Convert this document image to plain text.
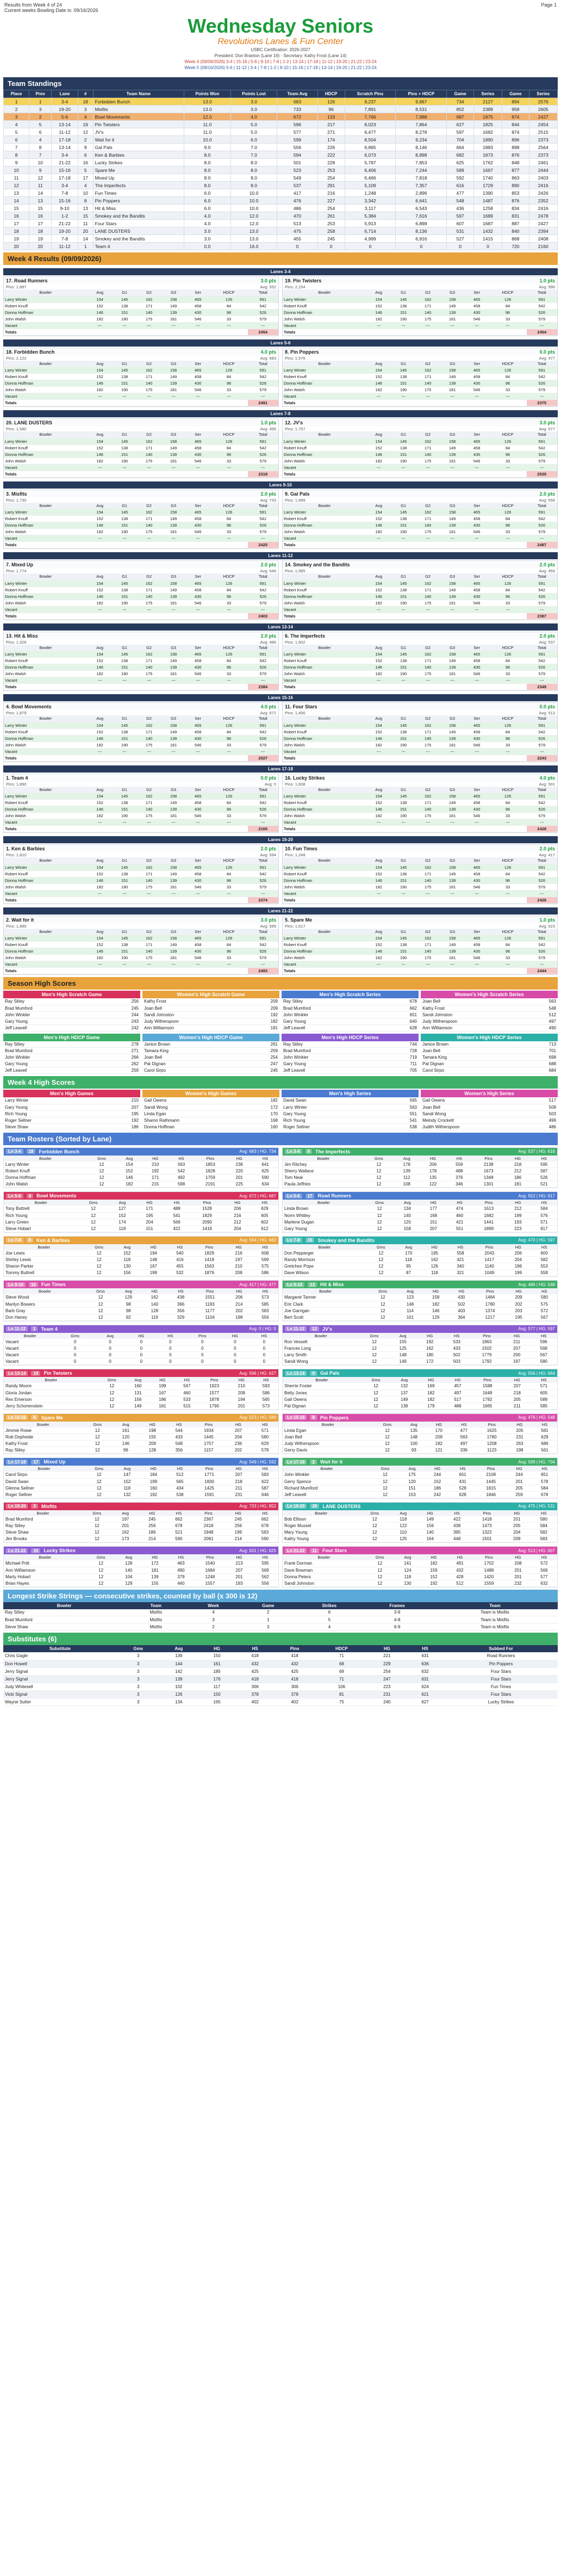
Results from Week 4 of 24
Current weeks Bowling Date is: 09/16/2026
Page 1
Wednesday Seniors
Revolutions Lanes & Fun Center
USBC Certification: 2026-2027
President: Don Branton (Lane 16) - Secretary: Kathy Frost (Lane 14)
Week 4 (09/09/2026) 3-4 | 15-16 | 5-6 | 9-10 | 7-8 | 1-2 | 13-14 | 17-18 | 11-12 | 19-20 | 21-22 | 23-24
Week 5 (09/16/2026) 5-6 | 11-12 | 3-4 | 7-8 | 1-2 | 9-10 | 15-16 | 17-18 | 13-14 | 19-20 | 21-22 | 23-24
Team Standings
Place	Prev	Lane	#	Team Name	Points Won	Points Lost	Team Avg	HDCP	Scratch Pins	Pins + HDCP	Game	Series	Game	Series
1	1	3-4	18	Forbidden Bunch	13.0	3.0	683	126	9,237	9,867	734	2127	894	2576
2	3	19-20	3	Misfits	13.0	3.0	733	96	7,891	8,531	852	2389	958	2605
3	2	5-6	4	Bowl Movements	12.0	4.0	672	133	7,766	7,988	687	1875	874	2427
4	5	13-14	19	Pin Twisters	11.0	5.0	596	217	8,023	7,864	627	1825	844	2454
5	6	11-12	12	JV's	11.0	5.0	577	271	6,477	8,278	597	1682	874	2515
6	4	17-18	2	Wait for it	10.0	6.0	599	174	8,504	9,234	704	1890	896	2373
7	8	13-14	9	Gal Pals	9.0	7.0	556	226	6,865	8,146	664	1883	898	2564
8	7	3-4	6	Ken & Barbies	8.0	7.0	594	222	6,073	8,898	682	1873	876	2373
9	10	21-22	16	Lucky Strikes	8.0	8.0	501	228	5,787	7,853	625	1762	848	2461
10	9	15-16	5	Spare Me	8.0	8.0	523	253	6,406	7,244	589	1667	877	2444
11	12	17-18	17	Mixed Up	8.0	8.0	549	254	6,466	7,818	592	1740	863	2403
12	11	3-4	4	The Imperfects	8.0	8.0	537	291	5,109	7,357	616	1729	890	2416
13	14	7-8	10	Fun Times	6.0	10.0	417	216	1,248	2,896	477	1390	853	2426
14	13	15-16	8	Pin Poppers	6.0	10.0	476	227	3,342	6,641	548	1487	876	2352
15	15	9-10	13	Hit & Miss	6.0	10.0	486	254	3,117	6,543	436	1258	834	2416
16	16	1-2	15	Smokey and the Bandits	4.0	12.0	470	261	5,384	7,616	597	1689	831	2478
17	17	21-22	11	Four Stars	4.0	12.0	513	253	5,913	6,898	607	1687	887	2427
18	18	19-20	20	LANE DUSTERS	3.0	13.0	475	258	6,714	8,136	531	1432	840	2394
19	19	7-8	14	Smokey and the Bandits	3.0	13.0	455	245	4,999	6,916	527	1415	868	2408
20	20	11-12	1	Team 4	0.0	16.0	0	0	0	0	0	0	720	2160
Week 4 Results (09/09/2026)
Lanes 3-4
17. Road Runners	3.0 pts
Pins: 1,887	Avg: 552
Bowler	Avg	G1	G2	G3	Ser	HDCP	Total
Larry Winter	154	145	162	158	465	126	591
Robert Knuff	152	138	171	149	458	84	542
Donna Hoffman	146	151	140	139	430	96	526
John Walsh	182	190	175	181	546	33	579
Vacant	---	---	---	---	---	---	---
Totals							2454
19. Pin Twisters	1.0 pts
Pins: 2,154	Avg: 596
Bowler	Avg	G1	G2	G3	Ser	HDCP	Total
Larry Winter	154	145	162	158	465	126	591
Robert Knuff	152	138	171	149	458	84	542
Donna Hoffman	146	151	140	139	430	96	526
John Walsh	182	190	175	181	546	33	579
Vacant	---	---	---	---	---	---	---
Totals							2454
Lanes 5-6
18. Forbidden Bunch	4.0 pts
Pins: 2,122	Avg: 683
Bowler	Avg	G1	G2	G3	Ser	HDCP	Total
Larry Winter	154	145	162	158	465	126	591
Robert Knuff	152	138	171	149	458	84	542
Donna Hoffman	146	151	140	139	430	96	526
John Walsh	182	190	175	181	546	33	579
Vacant	---	---	---	---	---	---	---
Totals							2491
8. Pin Poppers	0.0 pts
Pins: 1,576	Avg: 477
Bowler	Avg	G1	G2	G3	Ser	HDCP	Total
Larry Winter	154	145	162	158	465	126	591
Robert Knuff	152	138	171	149	458	84	542
Donna Hoffman	146	151	140	139	430	96	526
John Walsh	182	190	175	181	546	33	579
Vacant	---	---	---	---	---	---	---
Totals							2375
Lanes 7-8
20. LANE DUSTERS	1.0 pts
Pins: 1,580	Avg: 456
Bowler	Avg	G1	G2	G3	Ser	HDCP	Total
Larry Winter	154	145	162	158	465	126	591
Robert Knuff	152	138	171	149	458	84	542
Donna Hoffman	146	151	140	139	430	96	526
John Walsh	182	190	175	181	546	33	579
Vacant	---	---	---	---	---	---	---
Totals							2318
12. JV's	3.0 pts
Pins: 1,757	Avg: 577
Bowler	Avg	G1	G2	G3	Ser	HDCP	Total
Larry Winter	154	145	162	158	465	126	591
Robert Knuff	152	138	171	149	458	84	542
Donna Hoffman	146	151	140	139	430	96	526
John Walsh	182	190	175	181	546	33	579
Vacant	---	---	---	---	---	---	---
Totals							2535
Lanes 9-10
3. Misfits	2.0 pts
Pins: 1,730	Avg: 733
Bowler	Avg	G1	G2	G3	Ser	HDCP	Total
Larry Winter	154	145	162	158	465	126	591
Robert Knuff	152	138	171	149	458	84	542
Donna Hoffman	146	151	140	139	430	96	526
John Walsh	182	190	175	181	546	33	579
Vacant	---	---	---	---	---	---	---
Totals							2425
9. Gal Pals	2.0 pts
Pins: 1,689	Avg: 556
Bowler	Avg	G1	G2	G3	Ser	HDCP	Total
Larry Winter	154	145	162	158	465	126	591
Robert Knuff	152	138	171	149	458	84	542
Donna Hoffman	146	151	140	139	430	96	526
John Walsh	182	190	175	181	546	33	579
Vacant	---	---	---	---	---	---	---
Totals							2487
Lanes 11-12
7. Mixed Up	2.0 pts
Pins: 1,774	Avg: 549
Bowler	Avg	G1	G2	G3	Ser	HDCP	Total
Larry Winter	154	145	162	158	465	126	591
Robert Knuff	152	138	171	149	458	84	542
Donna Hoffman	146	151	140	139	430	96	526
John Walsh	182	190	175	181	546	33	579
Vacant	---	---	---	---	---	---	---
Totals							2403
14. Smokey and the Bandits	2.0 pts
Pins: 1,585	Avg: 455
Bowler	Avg	G1	G2	G3	Ser	HDCP	Total
Larry Winter	154	145	162	158	465	126	591
Robert Knuff	152	138	171	149	458	84	542
Donna Hoffman	146	151	140	139	430	96	526
John Walsh	182	190	175	181	546	33	579
Vacant	---	---	---	---	---	---	---
Totals							2387
Lanes 13-14
13. Hit & Miss	2.0 pts
Pins: 1,326	Avg: 486
Bowler	Avg	G1	G2	G3	Ser	HDCP	Total
Larry Winter	154	145	162	158	465	126	591
Robert Knuff	152	138	171	149	458	84	542
Donna Hoffman	146	151	140	139	430	96	526
John Walsh	182	190	175	181	546	33	579
Vacant	---	---	---	---	---	---	---
Totals							2384
6. The Imperfects	2.0 pts
Pins: 1,602	Avg: 537
Bowler	Avg	G1	G2	G3	Ser	HDCP	Total
Larry Winter	154	145	162	158	465	126	591
Robert Knuff	152	138	171	149	458	84	542
Donna Hoffman	146	151	140	139	430	96	526
John Walsh	182	190	175	181	546	33	579
Vacant	---	---	---	---	---	---	---
Totals							2349
Lanes 15-16
4. Bowl Movements	4.0 pts
Pins: 1,879	Avg: 672
Bowler	Avg	G1	G2	G3	Ser	HDCP	Total
Larry Winter	154	145	162	158	465	126	591
Robert Knuff	152	138	171	149	458	84	542
Donna Hoffman	146	151	140	139	430	96	526
John Walsh	182	190	175	181	546	33	579
Vacant	---	---	---	---	---	---	---
Totals							2527
11. Four Stars	0.0 pts
Pins: 1,456	Avg: 513
Bowler	Avg	G1	G2	G3	Ser	HDCP	Total
Larry Winter	154	145	162	158	465	126	591
Robert Knuff	152	138	171	149	458	84	542
Donna Hoffman	146	151	140	139	430	96	526
John Walsh	182	190	175	181	546	33	579
Vacant	---	---	---	---	---	---	---
Totals							2243
Lanes 17-18
1. Team 4	0.0 pts
Pins: 1,890	Avg: 0
Bowler	Avg	G1	G2	G3	Ser	HDCP	Total
Larry Winter	154	145	162	158	465	126	591
Robert Knuff	152	138	171	149	458	84	542
Donna Hoffman	146	151	140	139	430	96	526
John Walsh	182	190	175	181	546	33	579
Vacant	---	---	---	---	---	---	---
Totals							2160
16. Lucky Strikes	4.0 pts
Pins: 1,608	Avg: 501
Bowler	Avg	G1	G2	G3	Ser	HDCP	Total
Larry Winter	154	145	162	158	465	126	591
Robert Knuff	152	138	171	149	458	84	542
Donna Hoffman	146	151	140	139	430	96	526
John Walsh	182	190	175	181	546	33	579
Vacant	---	---	---	---	---	---	---
Totals							2428
Lanes 19-20
1. Ken & Barbies	2.0 pts
Pins: 1,810	Avg: 594
Bowler	Avg	G1	G2	G3	Ser	HDCP	Total
Larry Winter	154	145	162	158	465	126	591
Robert Knuff	152	138	171	149	458	84	542
Donna Hoffman	146	151	140	139	430	96	526
John Walsh	182	190	175	181	546	33	579
Vacant	---	---	---	---	---	---	---
Totals							2374
10. Fun Times	2.0 pts
Pins: 1,248	Avg: 417
Bowler	Avg	G1	G2	G3	Ser	HDCP	Total
Larry Winter	154	145	162	158	465	126	591
Robert Knuff	152	138	171	149	458	84	542
Donna Hoffman	146	151	140	139	430	96	526
John Walsh	182	190	175	181	546	33	579
Vacant	---	---	---	---	---	---	---
Totals							2426
Lanes 21-22
2. Wait for it	3.0 pts
Pins: 1,890	Avg: 599
Bowler	Avg	G1	G2	G3	Ser	HDCP	Total
Larry Winter	154	145	162	158	465	126	591
Robert Knuff	152	138	171	149	458	84	542
Donna Hoffman	146	151	140	139	430	96	526
John Walsh	182	190	175	181	546	33	579
Vacant	---	---	---	---	---	---	---
Totals							2493
5. Spare Me	1.0 pts
Pins: 1,617	Avg: 523
Bowler	Avg	G1	G2	G3	Ser	HDCP	Total
Larry Winter	154	145	162	158	465	126	591
Robert Knuff	152	138	171	149	458	84	542
Donna Hoffman	146	151	140	139	430	96	526
John Walsh	182	190	175	181	546	33	579
Vacant	---	---	---	---	---	---	---
Totals							2444
Season High Scores
Men's High Scratch Game
Ray Stiley	256
Brad Mumford	245
John Winkler	244
Gary Young	243
Jeff Leavell	242
Women's High Scratch Game
Kathy Frost	209
Joan Bell	209
Sandi Johnston	192
Judy Witherspoon	182
Ann Williamson	181
Men's High Scratch Series
Ray Stiley	678
Brad Mumford	662
John Winkler	651
Gary Young	640
Jeff Leavell	628
Women's High Scratch Series
Joan Bell	563
Kathy Frost	548
Sandi Johnston	512
Judy Witherspoon	497
Ann Williamson	490
Men's High HDCP Game
Ray Stiley	278
Brad Mumford	271
John Winkler	266
Gary Young	262
Jeff Leavell	259
Women's High HDCP Game
Janice Brown	261
Tamara King	259
Joan Bell	254
Pat Dignan	247
Carol Sirpo	245
Men's High HDCP Series
Ray Stiley	744
Brad Mumford	728
John Winkler	719
Gary Young	711
Jeff Leavell	705
Women's High HDCP Series
Janice Brown	713
Joan Bell	701
Tamara King	698
Pat Dignan	688
Carol Sirpo	684
Week 4 High Scores
Men's High Games
Larry Winter	210
Gary Young	207
Rich Young	195
Roger Sellner	192
Steve Shaw	186
Women's High Games
Gail Owens	182
Sandi Wong	172
Linda Egan	170
Sharon Rathmann	168
Donna Hoffman	160
Men's High Series
David Swan	565
Larry Winter	563
Gary Young	551
Rich Young	541
Roger Sellner	538
Women's High Series
Gail Owens	517
Joan Bell	509
Sandi Wong	503
Melody Crockett	499
Judith Witherspoon	486
Team Rosters (Sorted by Lane)
Ln 3-4	18	Forbidden Bunch	Avg: 683 | HG: 734
Bowler	Gms	Avg	HG	HS	Pins	HG	HS
Larry Winter	12	154	210	563	1853	236	641
Robert Knuff	12	152	192	542	1828	220	625
Donna Hoffman	12	146	171	492	1759	201	590
John Walsh	12	182	215	598	2191	225	634
Ln 3-4	6	The Imperfects	Avg: 537 | HG: 616
Bowler	Gms	Avg	HG	HS	Pins	HG	HS
Jim Ritchey	12	178	206	559	2138	218	595
Sherry Wallace	12	139	178	488	1673	212	587
Tom Neal	12	112	135	376	1348	186	526
Paula Jeffries	12	108	122	346	1301	181	521
Ln 5-6	4	Bowl Movements	Avg: 672 | HG: 687
Bowler	Gms	Avg	HG	HS	Pins	HG	HS
Tony Buttrell	12	127	171	488	1528	206	629
Rich Young	12	152	195	541	1829	216	605
Larry Green	12	174	204	566	2090	212	602
Steve Hobart	12	118	151	422	1419	204	612
Ln 5-6	17	Road Runners	Avg: 552 | HG: 617
Bowler	Gms	Avg	HG	HS	Pins	HG	HS
Linda Brown	12	134	177	474	1613	212	584
Norm Whitley	12	140	168	460	1682	199	576
Marlene Dugan	12	120	151	421	1441	193	571
Gary Young	12	158	207	551	1899	223	617
Ln 7-8	8	Ken & Barbies	Avg: 594 | HG: 682
Bowler	Gms	Avg	HG	HS	Pins	HG	HS
Joe Lewis	12	152	194	540	1829	216	608
Shirley Lewis	12	118	148	416	1418	197	569
Sharon Parker	12	130	167	455	1563	210	575
Tommy Buttrell	12	156	199	532	1876	208	586
Ln 7-8	15	Smokey and the Bandits	Avg: 470 | HG: 597
Bowler	Gms	Avg	HG	HS	Pins	HG	HS
Don Pepperger	12	170	195	558	2043	206	600
Randy Morrison	12	118	162	421	1417	204	582
Gretchen Pope	12	95	126	340	1140	196	553
Dave Wilson	12	87	118	321	1049	199	558
Ln 9-10	10	Fun Times	Avg: 417 | HG: 477
Bowler	Gms	Avg	HG	HS	Pins	HG	HS
Steve Wood	12	129	162	438	1551	206	573
Marilyn Bowers	12	98	140	366	1183	214	585
Barb Gray	12	98	128	356	1177	202	583
Don Haney	12	92	119	329	1104	198	556
Ln 9-10	13	Hit & Miss	Avg: 486 | HG: 548
Bowler	Gms	Avg	HG	HS	Pins	HG	HS
Margaret Tanner	12	123	158	430	1484	209	580
Eric Clark	12	148	182	502	1780	202	575
Joe Garrigan	12	114	146	403	1374	203	572
Bert Scott	12	101	129	364	1217	195	567
Ln 11-12	1	Team 4	Avg: 0 | HG: 0
Bowler	Gms	Avg	HG	HS	Pins	HG	HS
Vacant	0	0	0	0	0	0	0
Vacant	0	0	0	0	0	0	0
Vacant	0	0	0	0	0	0	0
Vacant	0	0	0	0	0	0	0
Ln 11-12	12	JV's	Avg: 577 | HG: 597
Bowler	Gms	Avg	HG	HS	Pins	HG	HS
Ron Vessell	12	155	192	533	1863	211	596
Frances Long	12	125	162	433	1502	207	568
Larry Smith	12	148	180	502	1779	200	567
Sandi Wong	12	149	172	503	1792	197	580
Ln 13-14	19	Pin Twisters	Avg: 596 | HG: 627
Bowler	Gms	Avg	HG	HS	Pins	HG	HS
Randy Moore	12	160	199	547	1923	210	593
Gloria Jordan	12	131	167	460	1577	208	586
Rex Emerson	12	156	186	533	1878	194	565
Jerry Schonenstein	12	149	181	515	1790	201	573
Ln 13-14	9	Gal Pals	Avg: 556 | HG: 664
Bowler	Gms	Avg	HG	HS	Pins	HG	HS
Sherrie Foster	12	132	169	457	1588	207	571
Betty Jones	12	137	182	497	1648	218	605
Gail Owens	12	149	182	517	1792	205	589
Pat Dignan	12	138	179	488	1665	211	585
Ln 15-16	5	Spare Me	Avg: 523 | HG: 589
Bowler	Gms	Avg	HG	HS	Pins	HG	HS
Jimmie Rowe	12	161	198	544	1934	207	571
Rob Dopheide	12	120	155	433	1445	204	580
Kathy Frost	12	146	209	548	1757	236	629
Ray Stiley	12	96	128	356	1157	202	578
Ln 15-16	8	Pin Poppers	Avg: 476 | HG: 548
Bowler	Gms	Avg	HG	HS	Pins	HG	HS
Linda Egan	12	135	170	477	1625	205	581
Joan Bell	12	148	209	563	1780	231	629
Judy Witherspoon	12	100	182	497	1208	263	686
Gerry Davis	12	93	121	336	1123	198	561
Ln 17-18	17	Mixed Up	Avg: 549 | HG: 592
Bowler	Gms	Avg	HG	HS	Pins	HG	HS
Carol Sirpo	12	147	184	512	1771	207	583
David Swan	12	152	199	565	1830	218	622
Glenna Sellner	12	118	160	434	1425	211	587
Roger Sellner	12	132	192	538	1591	231	646
Ln 17-18	2	Wait for it	Avg: 599 | HG: 704
Bowler	Gms	Avg	HG	HS	Pins	HG	HS
John Winkler	12	175	244	651	2108	244	651
Gerry Spence	12	120	152	431	1445	201	578
Richard Mumford	12	151	186	528	1815	205	584
Jeff Leavell	12	153	242	628	1846	259	678
Ln 19-20	3	Misfits	Avg: 733 | HG: 852
Bowler	Gms	Avg	HG	HS	Pins	HG	HS
Brad Mumford	12	197	245	662	2367	245	662
Ray Stiley	12	201	256	678	2418	256	678
Steve Shaw	12	162	186	521	1948	199	563
Jim Brooks	12	173	214	590	2081	214	590
Ln 19-20	20	LANE DUSTERS	Avg: 475 | HG: 531
Bowler	Gms	Avg	HG	HS	Pins	HG	HS
Bob Ellison	12	118	149	422	1418	201	580
Roger Mussel	12	122	156	438	1473	205	584
Mary Young	12	110	140	395	1322	204	582
Kathy Young	12	125	164	448	1501	209	583
Ln 21-22	16	Lucky Strikes	Avg: 501 | HG: 625
Bowler	Gms	Avg	HG	HS	Pins	HG	HS
Michael Pritt	12	128	172	463	1540	213	595
Ann Williamson	12	140	181	490	1684	207	569
Marty Hobart	12	104	139	379	1248	201	562
Brian Hayes	12	129	155	440	1557	193	556
Ln 21-22	11	Four Stars	Avg: 513 | HG: 607
Bowler	Gms	Avg	HG	HS	Pins	HG	HS
Frank Dorman	12	141	182	491	1702	208	572
Dave Bowman	12	124	159	432	1488	201	566
Donna Peters	12	118	152	428	1420	201	577
Sandi Johnston	12	130	192	512	1559	232	632
Longest Strike Strings — consecutive strikes, counted by ball (x 300 is 12)
Bowler	Team	Week	Game	Strikes	Frames	Team
Ray Stiley	Misfits	4	2	6	3-8	Team is Misfits
Brad Mumford	Misfits	3	1	5	4-8	Team is Misfits
Steve Shaw	Misfits	2	3	4	6-9	Team is Misfits
Substitutes (6)
Substitute	Gms	Avg	HG	HS	Pins	HDCP	HG	HS	Subbed For
Chris Gagle	3	139	150	418	418	71	221	631	Road Runners
Don Howell	3	144	161	432	432	68	229	636	Pin Poppers
Jerry Signal	3	142	185	425	425	69	254	632	Four Stars
Jerry Signal	3	139	176	418	418	71	247	631	Four Stars
Judy Whitesell	3	102	117	306	306	106	223	624	Fun Times
Vicki Signal	3	126	150	378	378	81	231	621	Four Stars
Wayne Sutter	3	134	165	402	402	75	240	627	Lucky Strikes
